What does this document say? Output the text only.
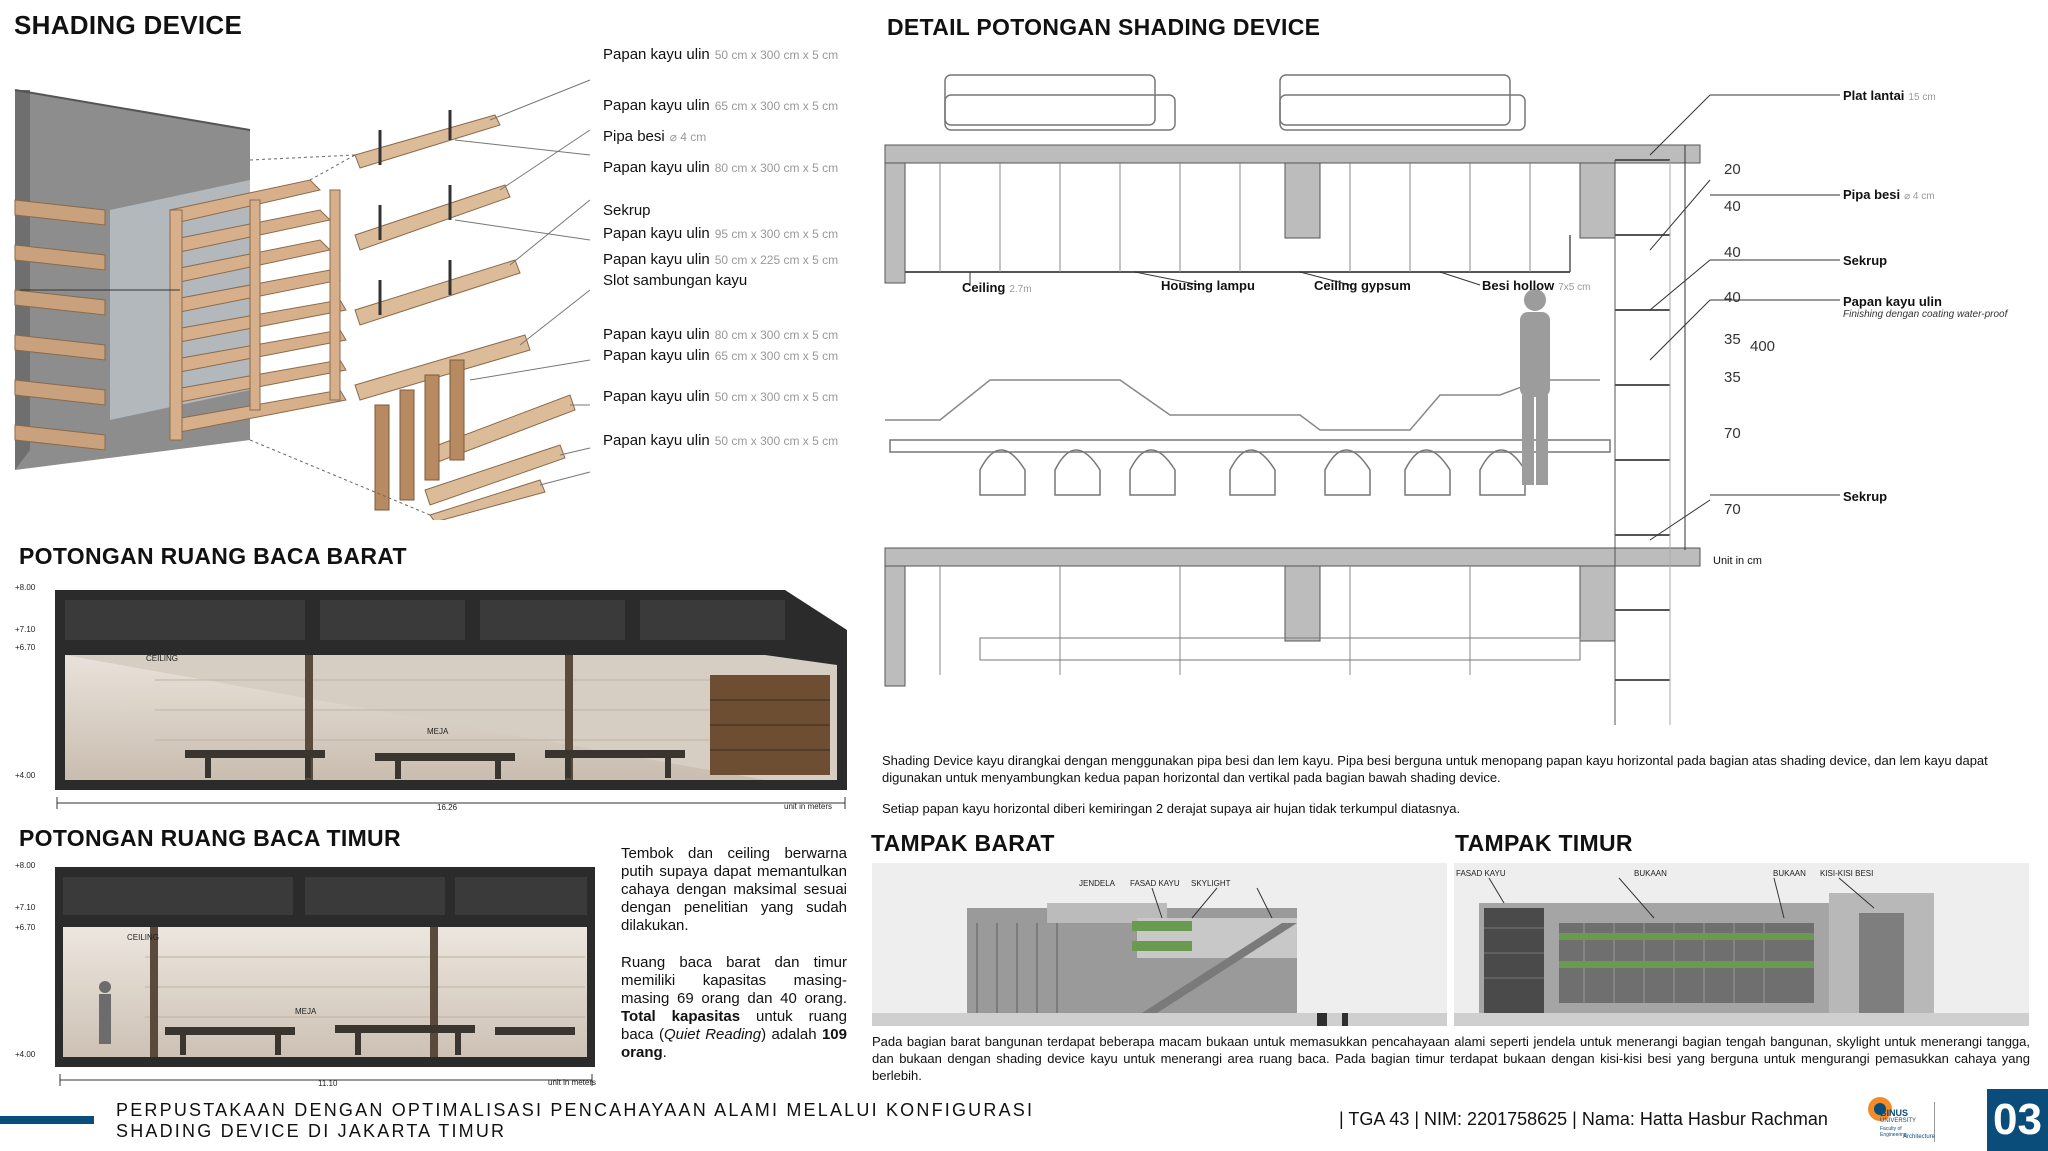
SHADING DEVICE	DETAIL POTONGAN SHADING DEVICE
POTONGAN RUANG BACA BARAT
POTONGAN RUANG BACA TIMUR	TAMPAK BARAT	TAMPAK TIMUR
Papan kayu ulin 50 cm x 300 cm x 5 cm
Papan kayu ulin 65 cm x 300 cm x 5 cm
Pipa besi ⌀ 4 cm
Papan kayu ulin 80 cm x 300 cm x 5 cm
Sekrup
Papan kayu ulin 95 cm x 300 cm x 5 cm
Papan kayu ulin 50 cm x 225 cm x 5 cm
Slot sambungan kayu
Papan kayu ulin 80 cm x 300 cm x 5 cm
Papan kayu ulin 65 cm x 300 cm x 5 cm
Papan kayu ulin 50 cm x 300 cm x 5 cm
Papan kayu ulin 50 cm x 300 cm x 5 cm
Ceiling 2.7m	Housing lampu	Ceiling gypsum	Besi hollow 7x5 cm
Plat lantai 15 cm
Pipa besi ⌀ 4 cm
Sekrup
Papan kayu ulin
Finishing dengan coating water-proof
Sekrup
20
40
40
40
35
35
70
70
400
Unit in cm
Shading Device kayu dirangkai dengan menggunakan pipa besi dan lem kayu. Pipa besi berguna untuk menopang papan kayu horizontal pada bagian atas shading device, dan lem kayu dapat digunakan untuk menyambungkan kedua papan horizontal dan vertikal pada bagian bawah shading device.
Setiap papan kayu horizontal diberi kemiringan 2 derajat supaya air hujan tidak terkumpul diatasnya.
+8.00
+7.10
+6.70
+4.00
CEILING
MEJA
16.26	unit in meters
+8.00
+7.10
+6.70
+4.00
CEILING
MEJA
11.10	unit in meters
Tembok dan ceiling berwarna putih supaya dapat memantulkan cahaya dengan maksimal sesuai dengan penelitian yang sudah dilakukan.
Ruang baca barat dan timur memiliki kapasitas masing-masing 69 orang dan 40 orang. Total kapasitas untuk ruang baca (Quiet Reading) adalah 109 orang.
JENDELA FASAD KAYU SKYLIGHT
FASAD KAYU	BUKAAN	BUKAAN KISI-KISI BESI
Pada bagian barat bangunan terdapat beberapa macam bukaan untuk memasukkan pencahayaan alami seperti jendela untuk menerangi bagian tengah bangunan, skylight untuk menerangi tangga, dan bukaan dengan shading device kayu untuk menerangi area ruang baca. Pada bagian timur terdapat bukaan dengan kisi-kisi besi yang berguna untuk mengurangi pemasukkan cahaya yang berlebih.
PERPUSTAKAAN DENGAN OPTIMALISASI PENCAHAYAAN ALAMI MELALUI KONFIGURASI
SHADING DEVICE DI JAKARTA TIMUR
| TGA 43 | NIM: 2201758625 | Nama: Hatta Hasbur Rachman	BINUS
UNIVERSITY
Faculty of Engineering
Architecture 03
